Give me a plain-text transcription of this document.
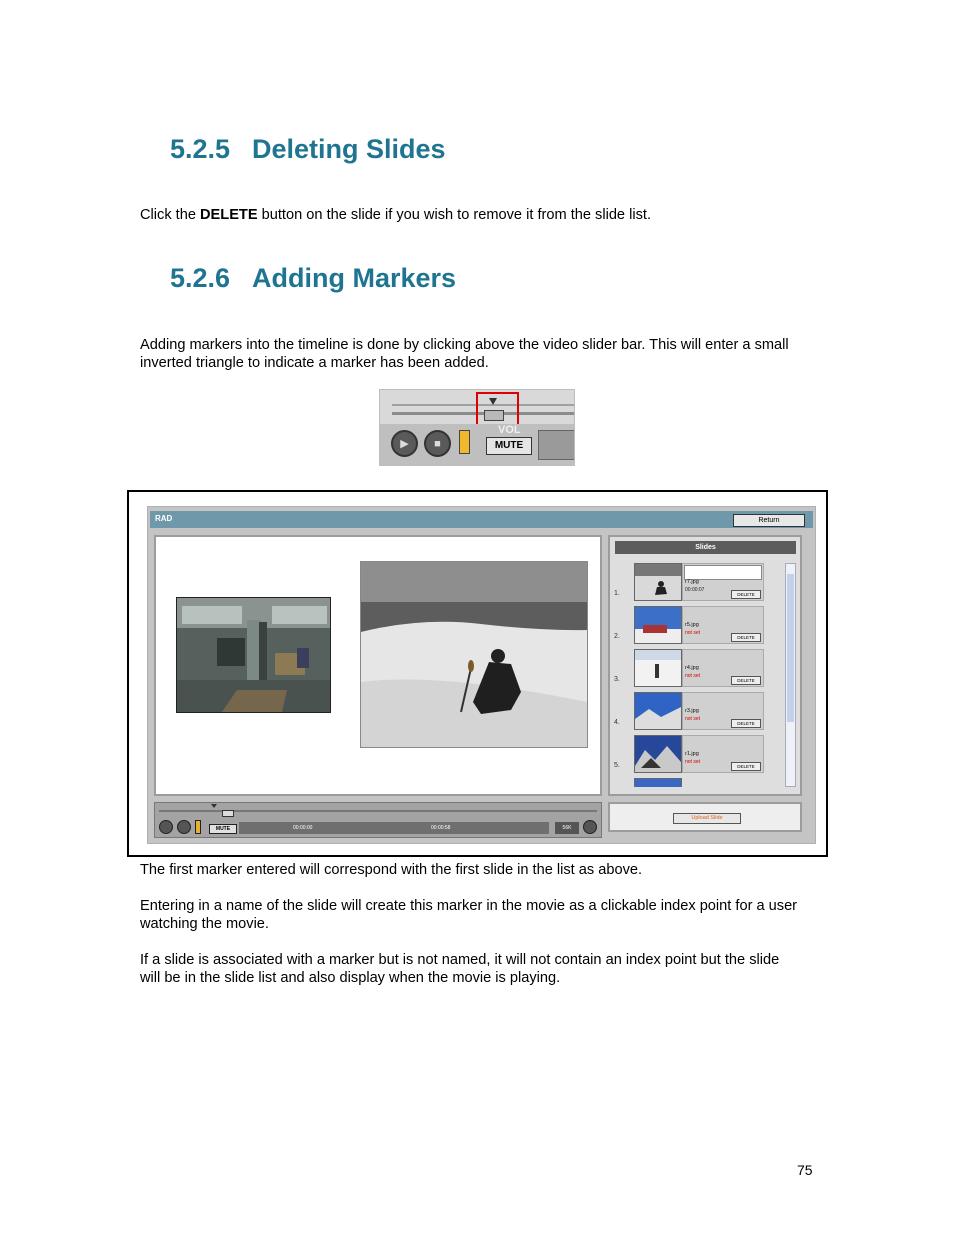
5.2.5 Deleting Slides

Click the DELETE button on the slide if you wish to remove it from the slide list.

5.2.6 Adding Markers

Adding markers into the timeline is done by clicking above the video slider bar. This will enter a small inverted triangle to indicate a marker has been added.

▶	■
VOL
MUTE
RAD	Return
Slides
1.
r7.jpg
00:00:07
DELETE
2.
r5.jpg
not set
DELETE
3.
r4.jpg
not set
DELETE
4.
r3.jpg
not set
DELETE
5.
r1.jpg
not set
DELETE
MUTE	00:00:00	00:00:58	56K
Upload Slide

The first marker entered will correspond with the first slide in the list as above.

Entering in a name of the slide will create this marker in the movie as a clickable index point for a user watching the movie.

If a slide is associated with a marker but is not named, it will not contain an index point but the slide will be in the slide list and also display when the movie is playing.

75
